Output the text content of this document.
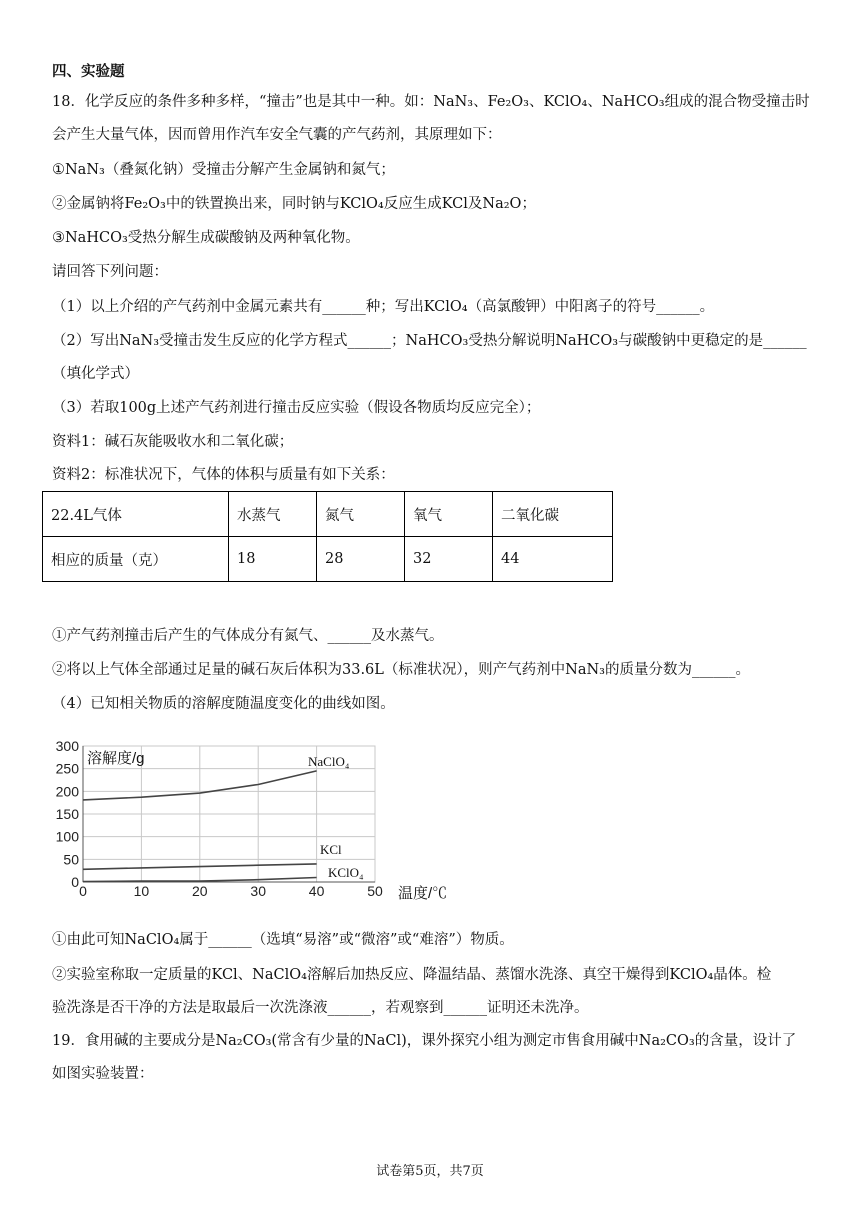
四、实验题
18．化学反应的条件多种多样，“撞击”也是其中一种。如：NaN₃、Fe₂O₃、KClO₄、NaHCO₃组成的混合物受撞击时
会产生大量气体，因而曾用作汽车安全气囊的产气药剂，其原理如下：
①NaN₃（叠氮化钠）受撞击分解产生金属钠和氮气；
②金属钠将Fe₂O₃中的铁置换出来，同时钠与KClO₄反应生成KCl及Na₂O；
③NaHCO₃受热分解生成碳酸钠及两种氧化物。
请回答下列问题：
（1）以上介绍的产气药剂中金属元素共有______种；写出KClO₄（高氯酸钾）中阳离子的符号______。
（2）写出NaN₃受撞击发生反应的化学方程式______；NaHCO₃受热分解说明NaHCO₃与碳酸钠中更稳定的是______
（填化学式）
（3）若取100g上述产气药剂进行撞击反应实验（假设各物质均反应完全）；
资料1：碱石灰能吸收水和二氧化碳；
资料2：标准状况下，气体的体积与质量有如下关系：
22.4L气体	水蒸气	氮气	氧气	二氧化碳
相应的质量（克）	18	28	32	44
①产气药剂撞击后产生的气体成分有氮气、______及水蒸气。
②将以上气体全部通过足量的碱石灰后体积为33.6L（标准状况），则产气药剂中NaN₃的质量分数为______。
（4）已知相关物质的溶解度随温度变化的曲线如图。
300
250
200
150
100
50
0
0	10	20	30	40	50
溶解度/g
温度/℃
NaClO₄
KCl
KClO₄
①由此可知NaClO₄属于______（选填“易溶”或“微溶”或“难溶”）物质。
②实验室称取一定质量的KCl、NaClO₄溶解后加热反应、降温结晶、蒸馏水洗涤、真空干燥得到KClO₄晶体。检
验洗涤是否干净的方法是取最后一次洗涤液______，若观察到______证明还未洗净。
19．食用碱的主要成分是Na₂CO₃(常含有少量的NaCl)，课外探究小组为测定市售食用碱中Na₂CO₃的含量，设计了
如图实验装置：
试卷第5页，共7页
